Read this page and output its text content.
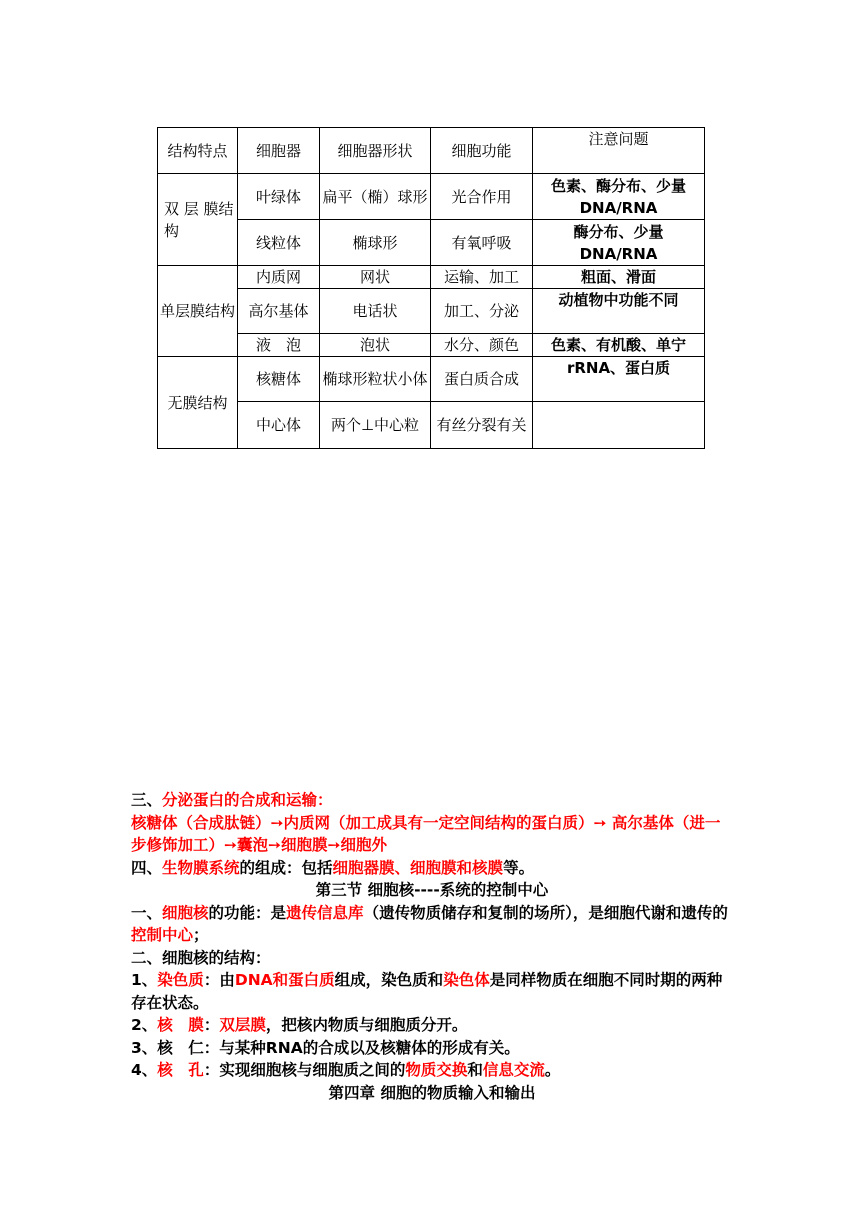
结构特点	细胞器	细胞器形状	细胞功能	注意问题
双 层 膜结构	叶绿体	扁平（椭）球形	光合作用	色素、酶分布、少量DNA/RNA
	线粒体	椭球形	有氧呼吸	酶分布、少量DNA/RNA
单层膜结构	内质网	网状	运输、加工	粗面、滑面
	高尔基体	电话状	加工、分泌	动植物中功能不同
	液　泡	泡状	水分、颜色	色素、有机酸、单宁
无膜结构	核糖体	椭球形粒状小体	蛋白质合成	rRNA、蛋白质
	中心体	两个⊥中心粒	有丝分裂有关	

三、分泌蛋白的合成和运输：

核糖体（合成肽链）➙内质网（加工成具有一定空间结构的蛋白质）➙ 高尔基体（进一步修饰加工）➙囊泡➙细胞膜➙细胞外

四、生物膜系统的组成：包括细胞器膜、细胞膜和核膜等。

第三节 细胞核----系统的控制中心

一、细胞核的功能：是遗传信息库（遗传物质储存和复制的场所），是细胞代谢和遗传的控制中心；

二、细胞核的结构：

1、染色质：由DNA和蛋白质组成，染色质和染色体是同样物质在细胞不同时期的两种存在状态。

2、核　膜：双层膜，把核内物质与细胞质分开。

3、核　仁：与某种RNA的合成以及核糖体的形成有关。

4、核　孔：实现细胞核与细胞质之间的物质交换和信息交流。

第四章 细胞的物质输入和输出
